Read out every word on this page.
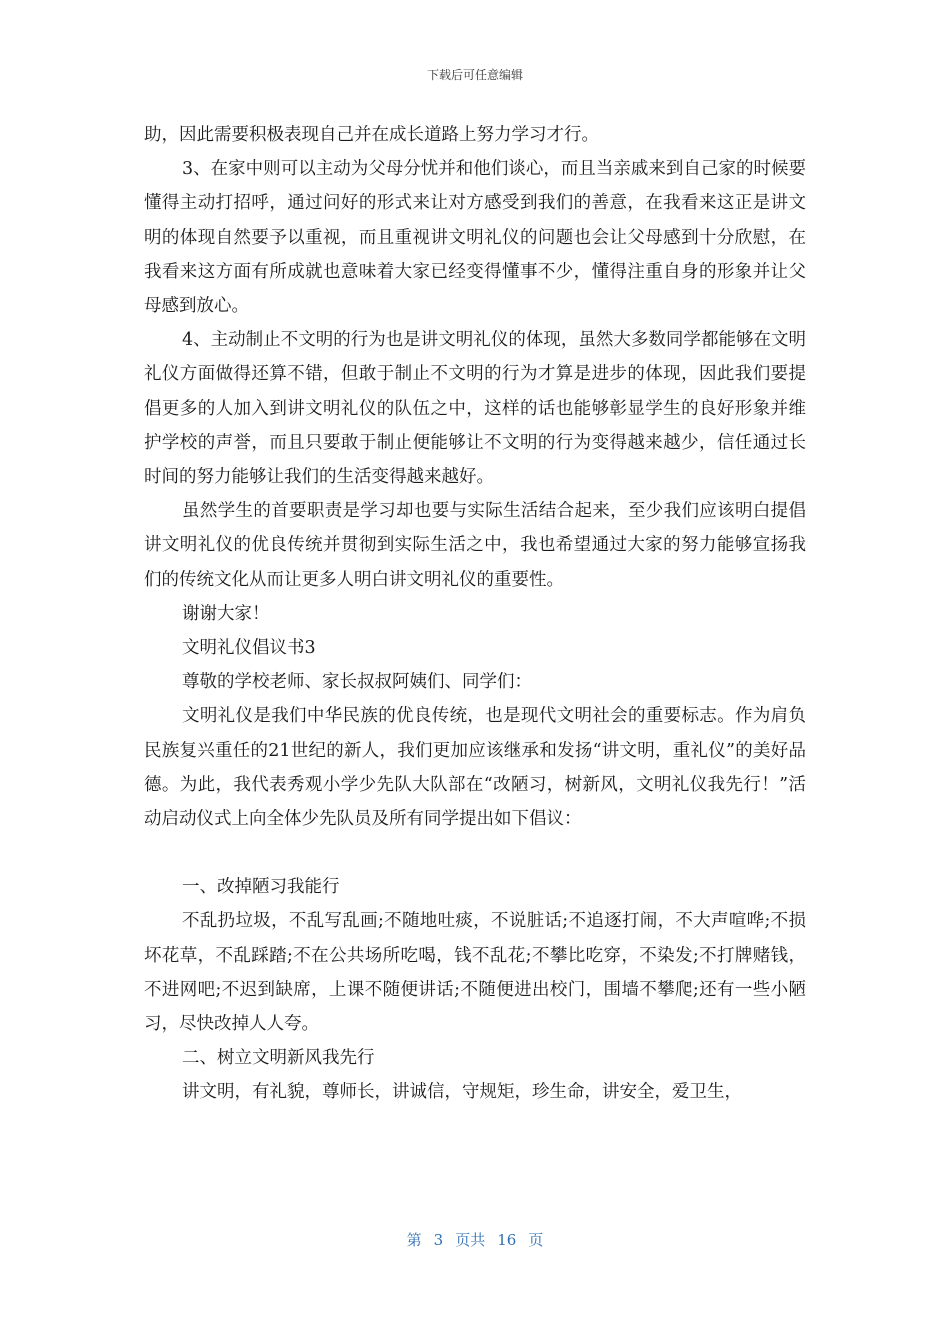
下载后可任意编辑

助，因此需要积极表现自己并在成长道路上努力学习才行。

3、在家中则可以主动为父母分忧并和他们谈心，而且当亲戚来到自己家的时候要懂得主动打招呼，通过问好的形式来让对方感受到我们的善意，在我看来这正是讲文明的体现自然要予以重视，而且重视讲文明礼仪的问题也会让父母感到十分欣慰，在我看来这方面有所成就也意味着大家已经变得懂事不少，懂得注重自身的形象并让父母感到放心。

4、主动制止不文明的行为也是讲文明礼仪的体现，虽然大多数同学都能够在文明礼仪方面做得还算不错，但敢于制止不文明的行为才算是进步的体现，因此我们要提倡更多的人加入到讲文明礼仪的队伍之中，这样的话也能够彰显学生的良好形象并维护学校的声誉，而且只要敢于制止便能够让不文明的行为变得越来越少，信任通过长时间的努力能够让我们的生活变得越来越好。

虽然学生的首要职责是学习却也要与实际生活结合起来，至少我们应该明白提倡讲文明礼仪的优良传统并贯彻到实际生活之中，我也希望通过大家的努力能够宣扬我们的传统文化从而让更多人明白讲文明礼仪的重要性。

谢谢大家！

文明礼仪倡议书3

尊敬的学校老师、家长叔叔阿姨们、同学们：

文明礼仪是我们中华民族的优良传统，也是现代文明社会的重要标志。作为肩负民族复兴重任的21世纪的新人，我们更加应该继承和发扬“讲文明，重礼仪”的美好品德。为此，我代表秀观小学少先队大队部在“改陋习，树新风，文明礼仪我先行！”活动启动仪式上向全体少先队员及所有同学提出如下倡议：

一、改掉陋习我能行

不乱扔垃圾，不乱写乱画;不随地吐痰，不说脏话;不追逐打闹，不大声喧哗;不损坏花草，不乱踩踏;不在公共场所吃喝，钱不乱花;不攀比吃穿，不染发;不打牌赌钱，不进网吧;不迟到缺席，上课不随便讲话;不随便进出校门，围墙不攀爬;还有一些小陋习，尽快改掉人人夸。

二、树立文明新风我先行

讲文明，有礼貌，尊师长，讲诚信，守规矩，珍生命，讲安全，爱卫生，

第 3 页共 16 页
